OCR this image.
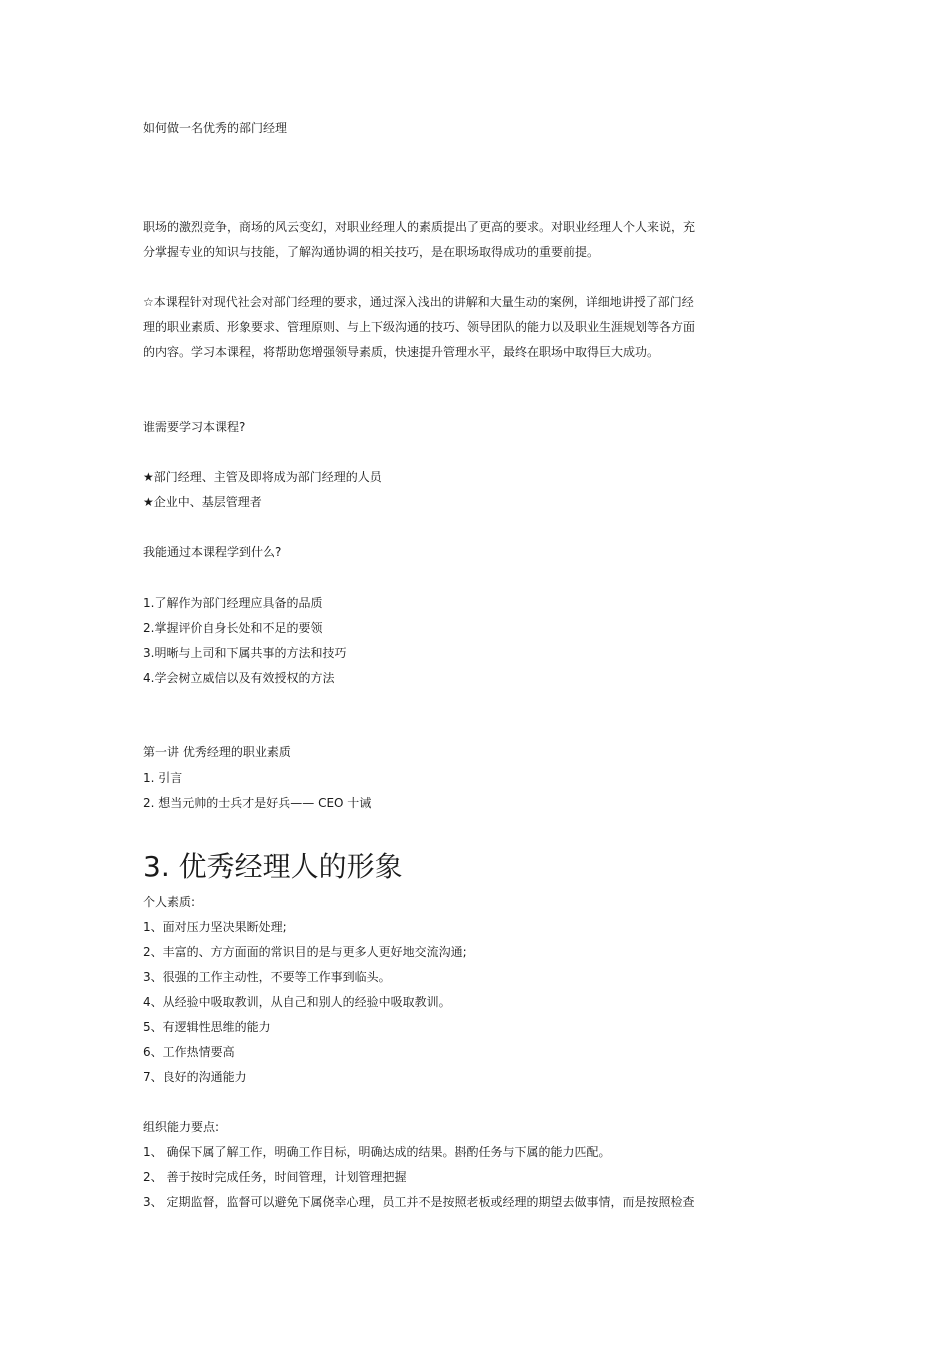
如何做一名优秀的部门经理
职场的激烈竞争，商场的风云变幻，对职业经理人的素质提出了更高的要求。对职业经理人个人来说，充
分掌握专业的知识与技能，了解沟通协调的相关技巧，是在职场取得成功的重要前提。
☆本课程针对现代社会对部门经理的要求，通过深入浅出的讲解和大量生动的案例，详细地讲授了部门经
理的职业素质、形象要求、管理原则、与上下级沟通的技巧、领导团队的能力以及职业生涯规划等各方面
的内容。学习本课程，将帮助您增强领导素质，快速提升管理水平，最终在职场中取得巨大成功。
谁需要学习本课程?
★部门经理、主管及即将成为部门经理的人员
★企业中、基层管理者
我能通过本课程学到什么?
1.了解作为部门经理应具备的品质
2.掌握评价自身长处和不足的要领
3.明晰与上司和下属共事的方法和技巧
4.学会树立威信以及有效授权的方法
第一讲 优秀经理的职业素质
1. 引言
2. 想当元帅的士兵才是好兵—— CEO 十诫
3. 优秀经理人的形象
个人素质:
1、面对压力坚决果断处理;
2、丰富的、方方面面的常识目的是与更多人更好地交流沟通;
3、很强的工作主动性，不要等工作事到临头。
4、从经验中吸取教训，从自己和别人的经验中吸取教训。
5、有逻辑性思维的能力
6、工作热情要高
7、良好的沟通能力
组织能力要点:
1、 确保下属了解工作，明确工作目标，明确达成的结果。斟酌任务与下属的能力匹配。
2、 善于按时完成任务，时间管理，计划管理把握
3、 定期监督，监督可以避免下属侥幸心理，员工并不是按照老板或经理的期望去做事情，而是按照检查
